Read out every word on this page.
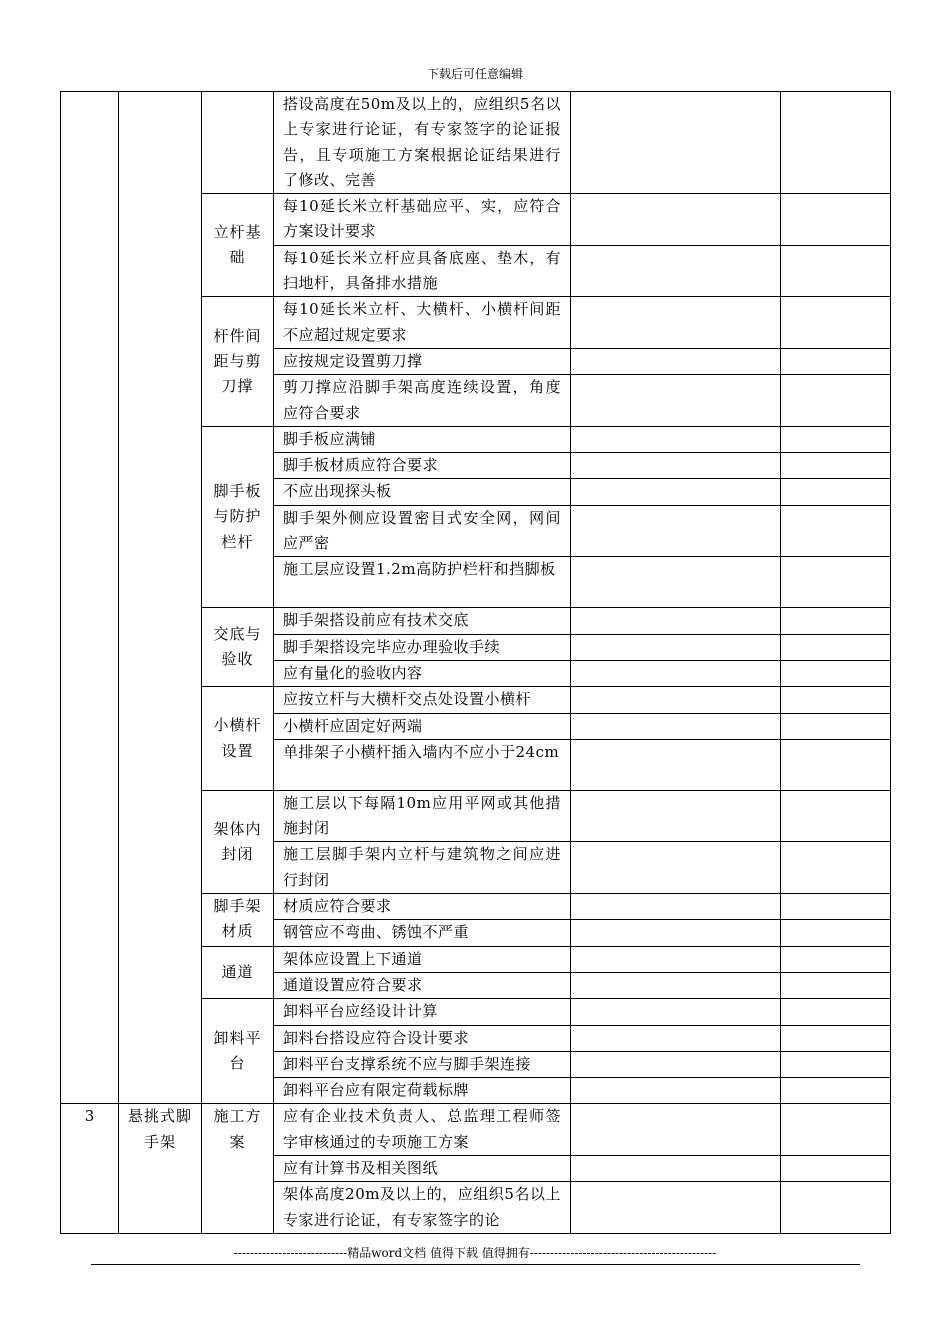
下载后可任意编辑
			搭设高度在50m及以上的，应组织5名以上专家进行论证，有专家签字的论证报告，且专项施工方案根据论证结果进行了修改、完善		
		立杆基础	每10延长米立杆基础应平、实，应符合方案设计要求		
			每10延长米立杆应具备底座、垫木，有扫地杆，具备排水措施		
		杆件间距与剪刀撑	每10延长米立杆、大横杆、小横杆间距不应超过规定要求		
			应按规定设置剪刀撑		
			剪刀撑应沿脚手架高度连续设置，角度应符合要求		
		脚手板与防护栏杆	脚手板应满铺		
			脚手板材质应符合要求		
			不应出现探头板		
			脚手架外侧应设置密目式安全网，网间应严密		
			施工层应设置1.2m高防护栏杆和挡脚板		
		交底与验收	脚手架搭设前应有技术交底		
			脚手架搭设完毕应办理验收手续		
			应有量化的验收内容		
		小横杆设置	应按立杆与大横杆交点处设置小横杆		
			小横杆应固定好两端		
			单排架子小横杆插入墙内不应小于24cm		
		架体内封闭	施工层以下每隔10m应用平网或其他措施封闭		
			施工层脚手架内立杆与建筑物之间应进行封闭		
		脚手架材质	材质应符合要求		
			钢管应不弯曲、锈蚀不严重		
		通道	架体应设置上下通道		
			通道设置应符合要求		
		卸料平台	卸料平台应经设计计算		
			卸料台搭设应符合设计要求		
			卸料平台支撑系统不应与脚手架连接		
			卸料平台应有限定荷载标牌		
3	悬挑式脚手架	施工方案	应有企业技术负责人、总监理工程师签字审核通过的专项施工方案		
			应有计算书及相关图纸		
			架体高度20m及以上的，应组织5名以上专家进行论证，有专家签字的论		
----------------------------精品word文档 值得下载 值得拥有----------------------------------------------
